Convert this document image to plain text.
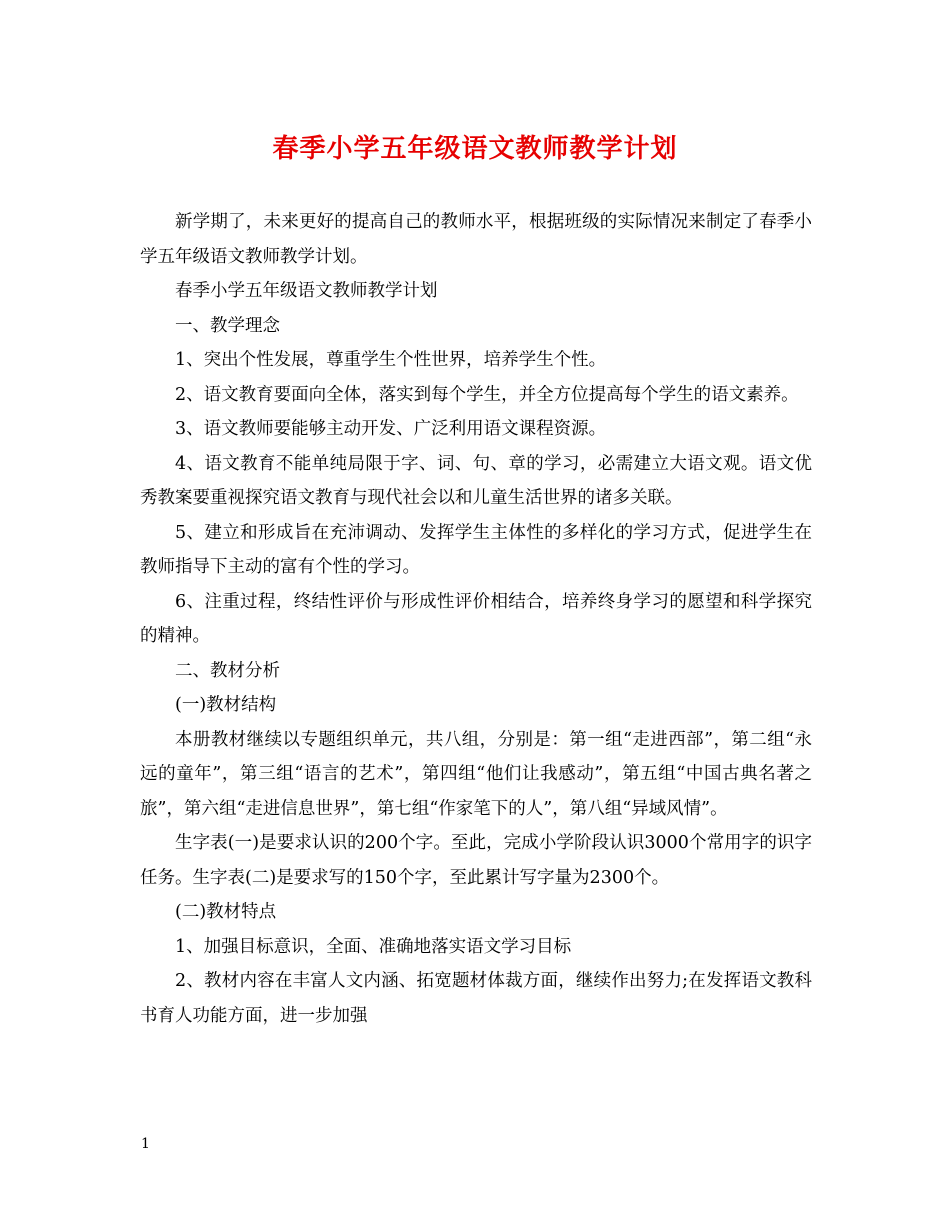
春季小学五年级语文教师教学计划

新学期了，未来更好的提高自己的教师水平，根据班级的实际情况来制定了春季小学五年级语文教师教学计划。

春季小学五年级语文教师教学计划

一、教学理念

1、突出个性发展，尊重学生个性世界，培养学生个性。

2、语文教育要面向全体，落实到每个学生，并全方位提高每个学生的语文素养。

3、语文教师要能够主动开发、广泛利用语文课程资源。

4、语文教育不能单纯局限于字、词、句、章的学习，必需建立大语文观。语文优秀教案要重视探究语文教育与现代社会以和儿童生活世界的诸多关联。

5、建立和形成旨在充沛调动、发挥学生主体性的多样化的学习方式，促进学生在教师指导下主动的富有个性的学习。

6、注重过程，终结性评价与形成性评价相结合，培养终身学习的愿望和科学探究的精神。

二、教材分析

(一)教材结构

本册教材继续以专题组织单元，共八组，分别是：第一组“走进西部”，第二组“永远的童年”，第三组“语言的艺术”，第四组“他们让我感动”，第五组“中国古典名著之旅”，第六组“走进信息世界”，第七组“作家笔下的人”，第八组“异域风情”。

生字表(一)是要求认识的200个字。至此，完成小学阶段认识3000个常用字的识字任务。生字表(二)是要求写的150个字，至此累计写字量为2300个。

(二)教材特点

1、加强目标意识，全面、准确地落实语文学习目标

2、教材内容在丰富人文内涵、拓宽题材体裁方面，继续作出努力;在发挥语文教科书育人功能方面，进一步加强

1
